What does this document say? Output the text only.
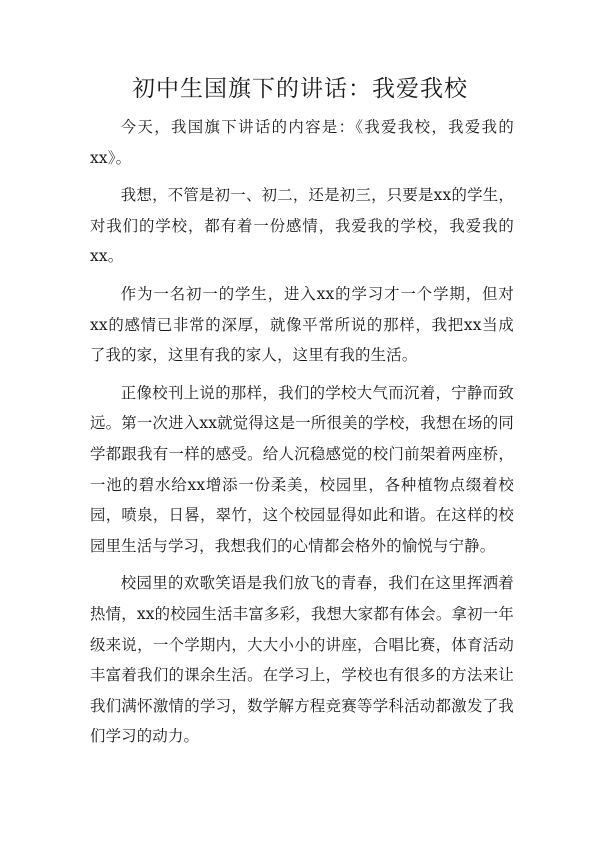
初中生国旗下的讲话：我爱我校

今天，我国旗下讲话的内容是：《我爱我校，我爱我的xx》。

我想，不管是初一、初二，还是初三，只要是xx的学生，对我们的学校，都有着一份感情，我爱我的学校，我爱我的xx。

作为一名初一的学生，进入xx的学习才一个学期，但对xx的感情已非常的深厚，就像平常所说的那样，我把xx当成了我的家，这里有我的家人，这里有我的生活。

正像校刊上说的那样，我们的学校大气而沉着，宁静而致远。第一次进入xx就觉得这是一所很美的学校，我想在场的同学都跟我有一样的感受。给人沉稳感觉的校门前架着两座桥，一池的碧水给xx增添一份柔美，校园里，各种植物点缀着校园，喷泉，日晷，翠竹，这个校园显得如此和谐。在这样的校园里生活与学习，我想我们的心情都会格外的愉悦与宁静。

校园里的欢歌笑语是我们放飞的青春，我们在这里挥洒着热情，xx的校园生活丰富多彩，我想大家都有体会。拿初一年级来说，一个学期内，大大小小的讲座，合唱比赛，体育活动丰富着我们的课余生活。在学习上，学校也有很多的方法来让我们满怀激情的学习，数学解方程竞赛等学科活动都激发了我们学习的动力。
